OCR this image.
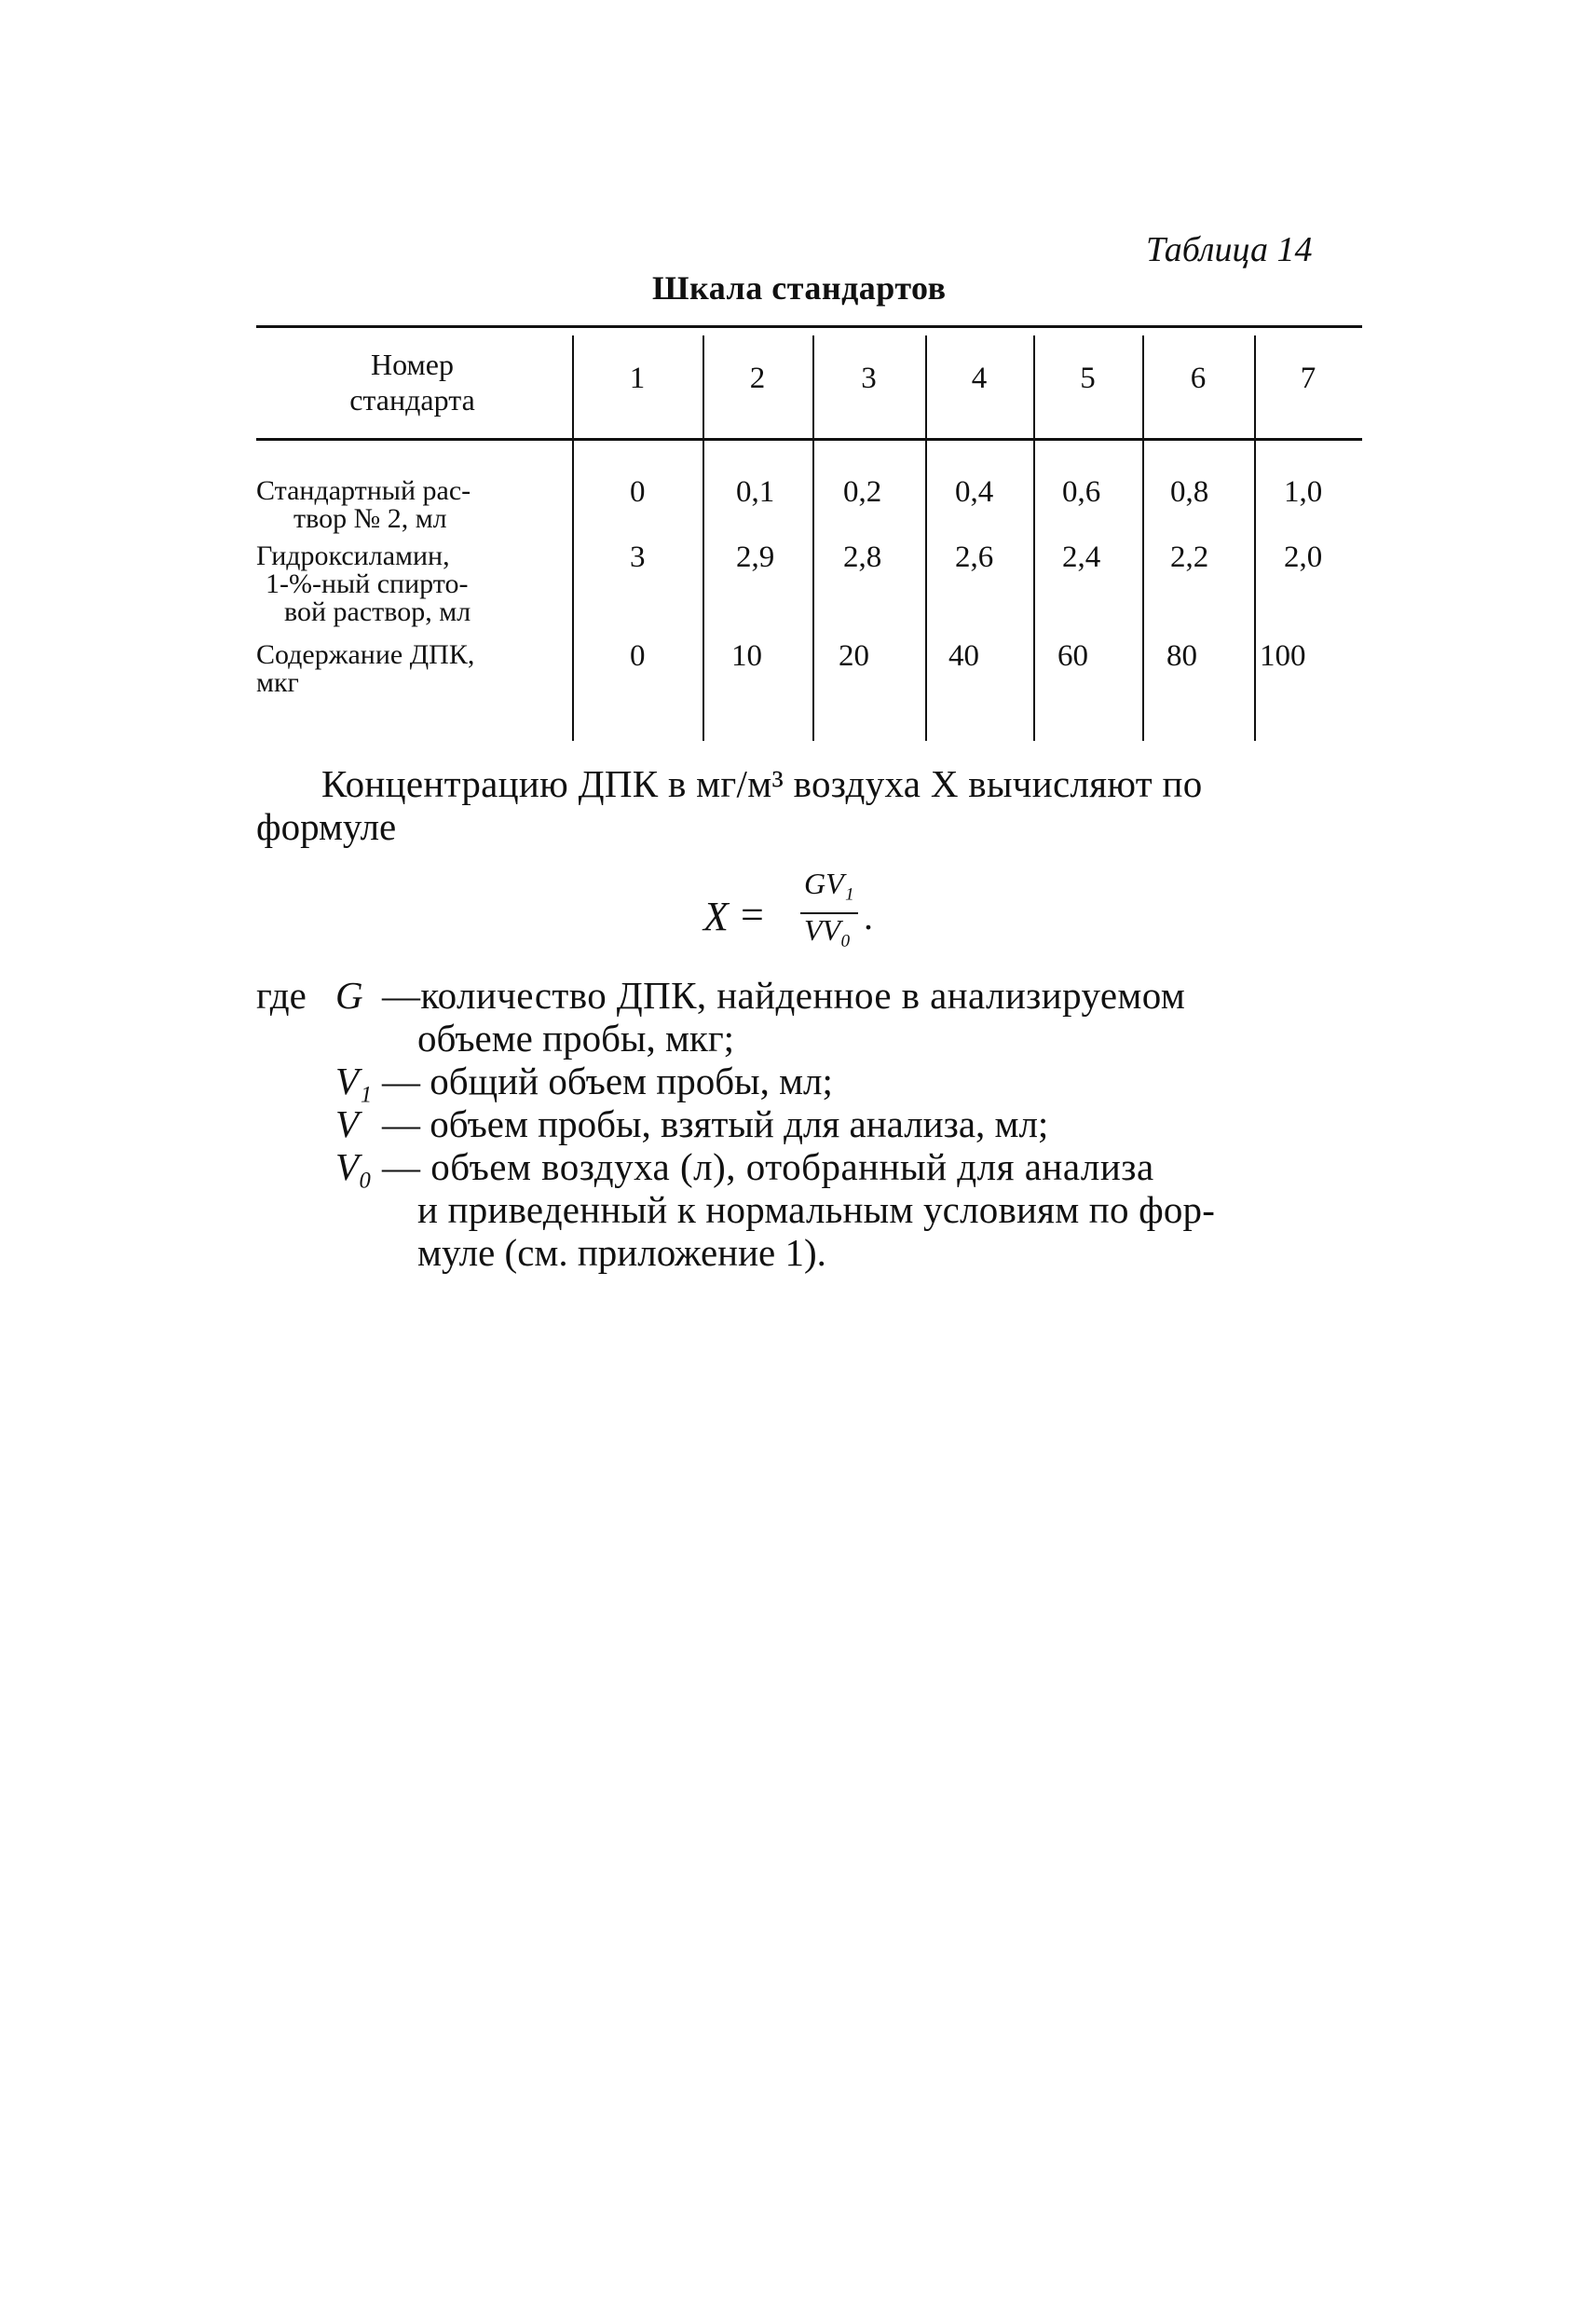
Таблица 14
Шкала стандартов
Номер
стандарта
1	2	3	4	5	6	7
Стандартный рас-
твор № 2, мл
0	0,1 0,2 0,4 0,6 0,8 1,0
Гидроксиламин,
1-%-ный спирто-
вой раствор, мл
3	2,9 2,8 2,6 2,4 2,2 2,0
Содержание ДПК,
мкг
0	10 20	40	60	80 100
Концентрацию ДПК в мг/м³ воздуха X вычисляют по
формуле
X =
GV₁
VV₀ .
где G —количество ДПК, найденное в анализируемом
объеме пробы, мкг;
V₁ — общий объем пробы, мл;
V — объем пробы, взятый для анализа, мл;
V₀ — объем воздуха (л), отобранный для анализа
и приведенный к нормальным условиям по фор-
муле (см. приложение 1).
